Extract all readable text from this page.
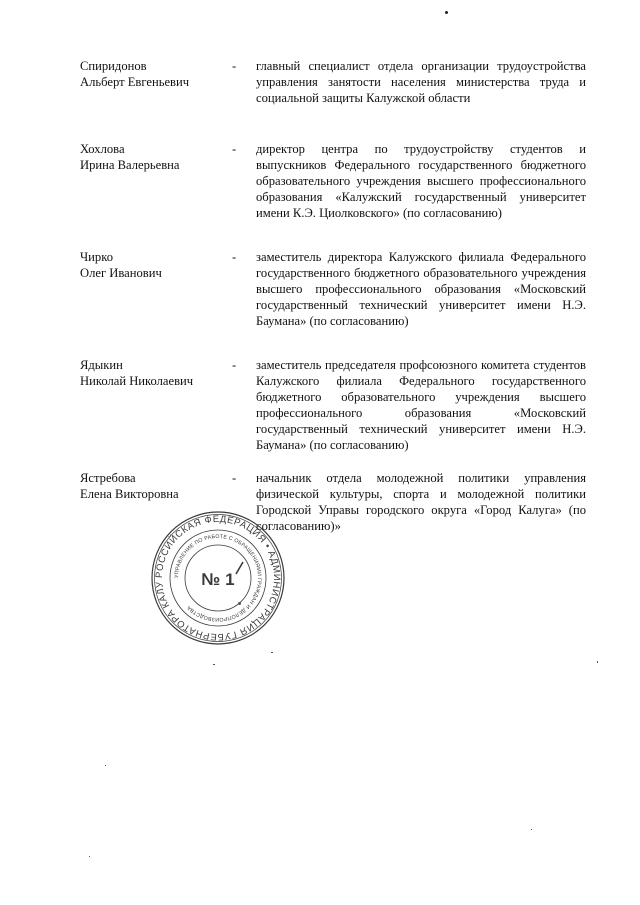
Спиридонов
Альберт Евгеньевич
- главный специалист отдела организации трудоустройства управления занятости населения министерства труда и социальной защиты Калужской области
Хохлова
Ирина Валерьевна
- директор центра по трудоустройству студентов и выпускников Федерального государственного бюджетного образовательного учреждения высшего профессионального образования «Калужский государственный университет имени К.Э. Циолковского» (по согласованию)
Чирко
Олег Иванович
- заместитель директора Калужского филиала Федерального государственного бюджетного образовательного учреждения высшего профессионального образования «Московский государственный технический университет имени Н.Э. Баумана» (по согласованию)
Ядыкин
Николай Николаевич
- заместитель председателя профсоюзного комитета студентов Калужского филиала Федерального государственного бюджетного образовательного учреждения высшего профессионального образования «Московский государственный технический университет имени Н.Э. Баумана» (по согласованию)
Ястребова
Елена Викторовна
- начальник отдела молодежной политики управления физической культуры, спорта и молодежной политики Городской Управы городского округа «Город Калуга» (по согласованию)»
РОССИЙСКАЯ ФЕДЕРАЦИЯ • АДМИНИСТРАЦИЯ ГУБЕРНАТОРА КАЛУ
УПРАВЛЕНИЕ ПО РАБОТЕ С ОБРАЩЕНИЯМИ ГРАЖДАН И ДЕЛОПРОИЗВОДСТВА
№ 1
